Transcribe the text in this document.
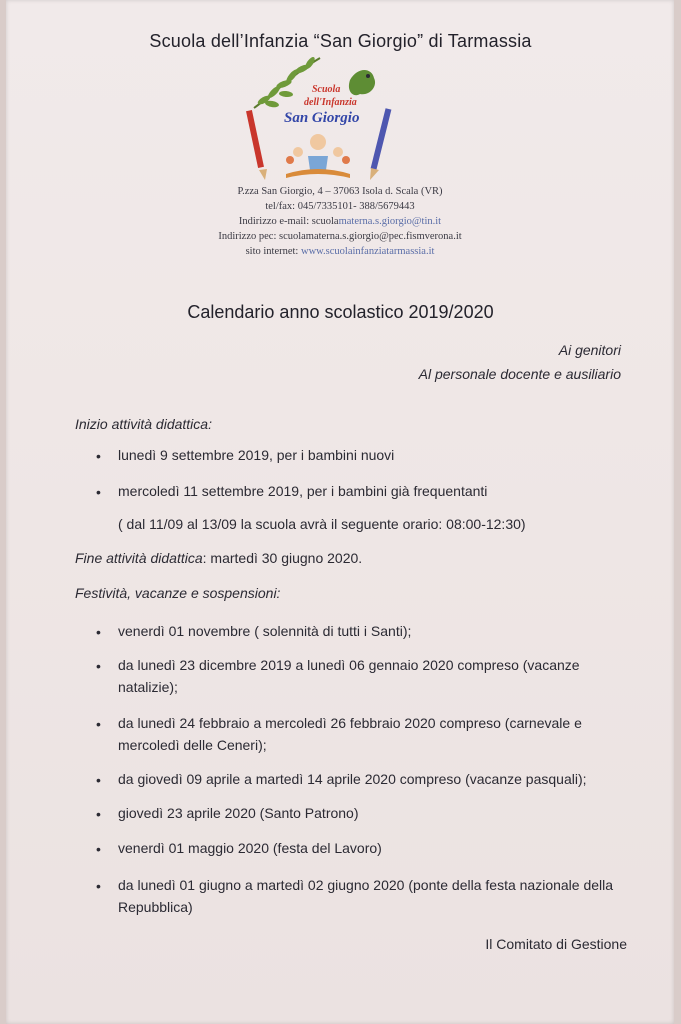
Scuola dell’Infanzia “San Giorgio” di Tarmassia
Scuola
dell'Infanzia
San Giorgio
P.zza San Giorgio, 4 – 37063 Isola d. Scala (VR)
tel/fax: 045/7335101- 388/5679443
Indirizzo e-mail: scuolamaterna.s.giorgio@tin.it
Indirizzo pec: scuolamaterna.s.giorgio@pec.fismverona.it
sito internet: www.scuolainfanziatarmassia.it
Calendario anno scolastico 2019/2020
Ai genitori
Al personale docente e ausiliario
Inizio attività didattica:
• lunedì 9 settembre 2019, per i bambini nuovi
• mercoledì 11 settembre 2019, per i bambini già frequentanti
( dal 11/09 al 13/09 la scuola avrà il seguente orario: 08:00-12:30)
Fine attività didattica: martedì 30 giugno 2020.
Festività, vacanze e sospensioni:
• venerdì 01 novembre ( solennità di tutti i Santi);
• da lunedì 23 dicembre 2019 a lunedì 06 gennaio 2020 compreso (vacanze natalizie);
• da lunedì 24 febbraio a mercoledì 26 febbraio 2020 compreso (carnevale e mercoledì delle Ceneri);
• da giovedì 09 aprile a martedì 14 aprile 2020 compreso (vacanze pasquali);
• giovedì 23 aprile 2020 (Santo Patrono)
• venerdì 01 maggio 2020 (festa del Lavoro)
• da lunedì 01 giugno a martedì 02 giugno 2020 (ponte della festa nazionale della Repubblica)
Il Comitato di Gestione
